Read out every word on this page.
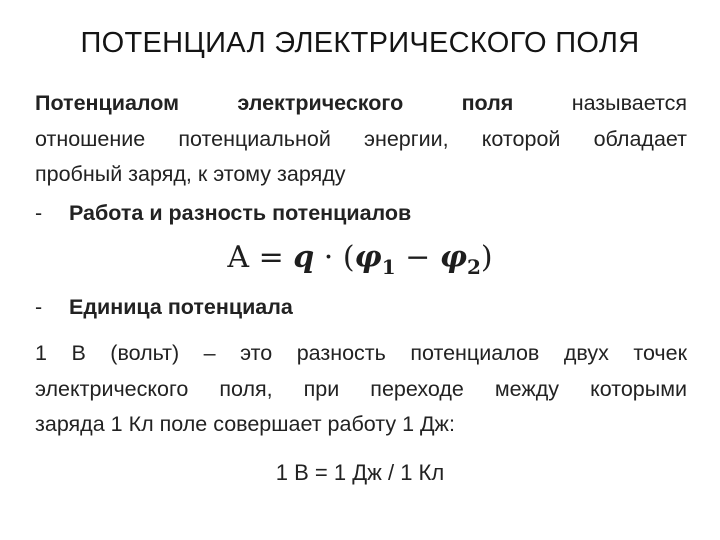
ПОТЕНЦИАЛ ЭЛЕКТРИЧЕСКОГО ПОЛЯ
Потенциалом электрического поля	называется
отношение потенциальной энергии, которой обладает
пробный заряд, к этому заряду
- Работа и разность потенциалов
$A = q \cdot (\varphi_1 - \varphi_2)$
- Единица потенциала
1 В (вольт) – это разность потенциалов двух точек
электрического поля, при переходе между которыми
заряда 1 Кл поле совершает работу 1 Дж:
1 В = 1 Дж / 1 Кл
